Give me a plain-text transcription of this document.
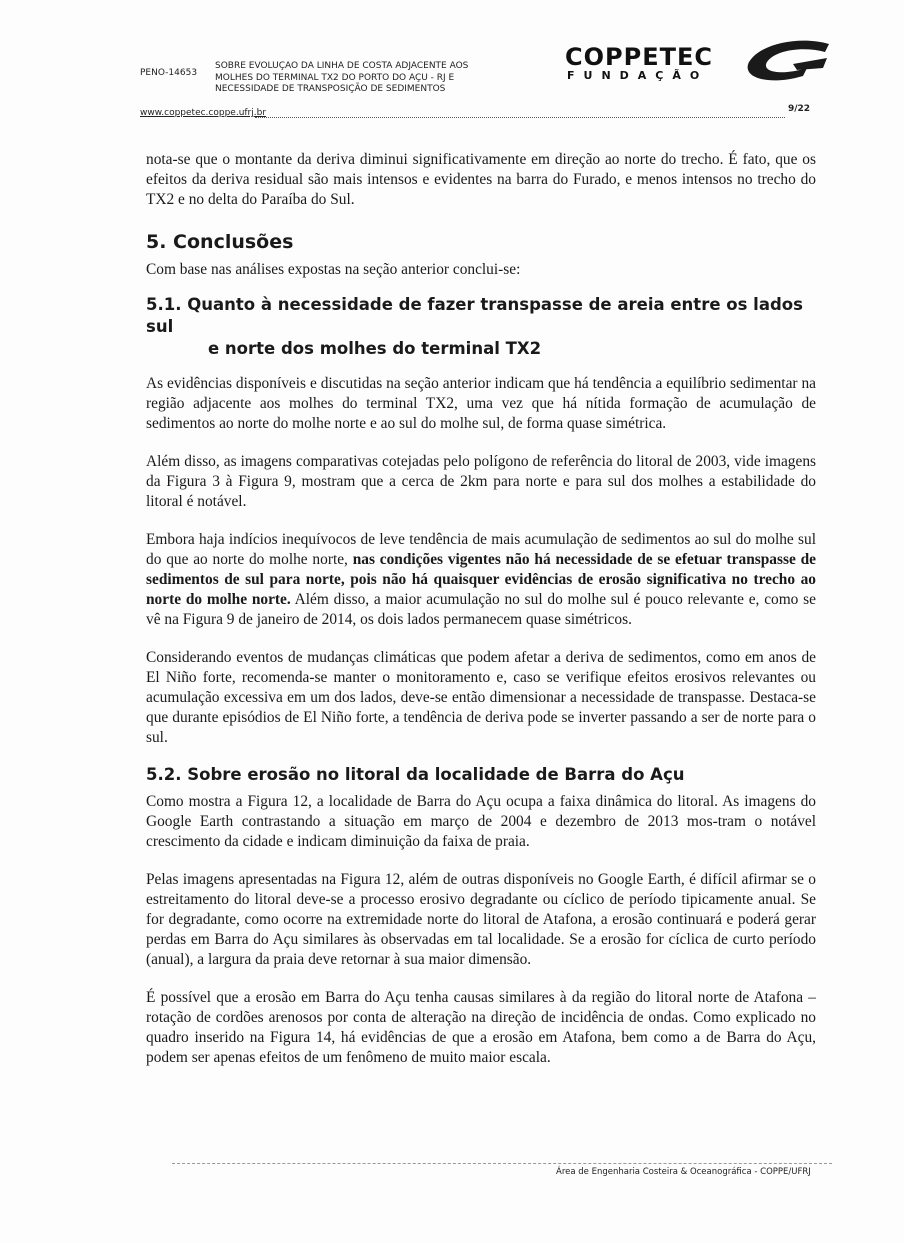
PENO-14653
SOBRE EVOLUÇAO DA LINHA DE COSTA ADJACENTE AOS
MOLHES DO TERMINAL TX2 DO PORTO DO AÇU - RJ E
NECESSIDADE DE TRANSPOSIÇÃO DE SEDIMENTOS
COPPETEC
FUNDAÇÃO
www.coppetec.coppe.ufrj.br	9/22

nota-se que o montante da deriva diminui significativamente em direção ao norte do trecho. É fato, que os efeitos da deriva residual são mais intensos e evidentes na barra do Furado, e menos intensos no trecho do TX2 e no delta do Paraíba do Sul.

5. Conclusões

Com base nas análises expostas na seção anterior conclui-se:

5.1. Quanto à necessidade de fazer transpasse de areia entre os lados sul
e norte dos molhes do terminal TX2

As evidências disponíveis e discutidas na seção anterior indicam que há tendência a equilíbrio sedimentar na região adjacente aos molhes do terminal TX2, uma vez que há nítida formação de acumulação de sedimentos ao norte do molhe norte e ao sul do molhe sul, de forma quase simétrica.

Além disso, as imagens comparativas cotejadas pelo polígono de referência do litoral de 2003, vide imagens da Figura 3 à Figura 9, mostram que a cerca de 2km para norte e para sul dos molhes a estabilidade do litoral é notável.

Embora haja indícios inequívocos de leve tendência de mais acumulação de sedimentos ao sul do molhe sul do que ao norte do molhe norte, nas condições vigentes não há necessidade de se efetuar transpasse de sedimentos de sul para norte, pois não há quaisquer evidências de erosão significativa no trecho ao norte do molhe norte. Além disso, a maior acumulação no sul do molhe sul é pouco relevante e, como se vê na Figura 9 de janeiro de 2014, os dois lados permanecem quase simétricos.

Considerando eventos de mudanças climáticas que podem afetar a deriva de sedimentos, como em anos de El Niño forte, recomenda-se manter o monitoramento e, caso se verifique efeitos erosivos relevantes ou acumulação excessiva em um dos lados, deve-se então dimensionar a necessidade de transpasse. Destaca-se que durante episódios de El Niño forte, a tendência de deriva pode se inverter passando a ser de norte para o sul.

5.2. Sobre erosão no litoral da localidade de Barra do Açu

Como mostra a Figura 12, a localidade de Barra do Açu ocupa a faixa dinâmica do litoral. As imagens do Google Earth contrastando a situação em março de 2004 e dezembro de 2013 mos-tram o notável crescimento da cidade e indicam diminuição da faixa de praia.

Pelas imagens apresentadas na Figura 12, além de outras disponíveis no Google Earth, é difícil afirmar se o estreitamento do litoral deve-se a processo erosivo degradante ou cíclico de período tipicamente anual. Se for degradante, como ocorre na extremidade norte do litoral de Atafona, a erosão continuará e poderá gerar perdas em Barra do Açu similares às observadas em tal localidade. Se a erosão for cíclica de curto período (anual), a largura da praia deve retornar à sua maior dimensão.

É possível que a erosão em Barra do Açu tenha causas similares à da região do litoral norte de Atafona – rotação de cordões arenosos por conta de alteração na direção de incidência de ondas. Como explicado no quadro inserido na Figura 14, há evidências de que a erosão em Atafona, bem como a de Barra do Açu, podem ser apenas efeitos de um fenômeno de muito maior escala.

Área de Engenharia Costeira & Oceanográfica - COPPE/UFRJ
